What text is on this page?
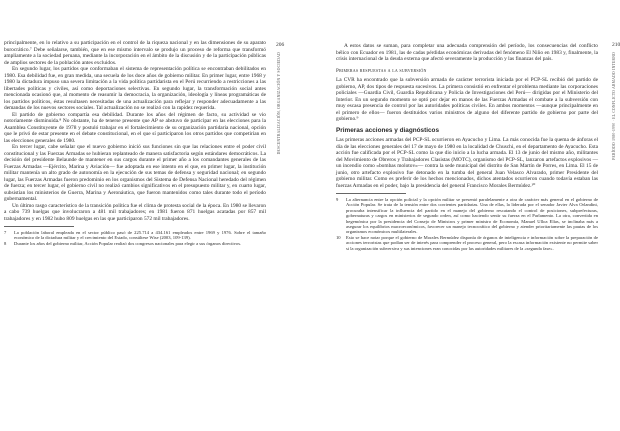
principalmente, en lo relativo a su participación en el control de la riqueza nacional y en las dimensiones de su aparato burocrático.⁷ Debe señalarse, también, que en ese mismo intervalo se produjo un proceso de reforma que transformó ampliamente a la sociedad peruana, mediante la incorporación en el ámbito de la discusión y de la participación públicas de amplios sectores de la población antes excluidos.

En segundo lugar, los partidos que conformaban el sistema de representación política se encontraban debilitados en 1980. Esa debilidad fue, en gran medida, una secuela de los doce años de gobierno militar. En primer lugar, entre 1968 y 1980 la dictadura impuso una severa limitación a la vida política partidarista en el Perú recurriendo a restricciones a las libertades políticas y civiles, así como deportaciones selectivas. En segundo lugar, la transformación social antes mencionada ocasionó que, al momento de reasumir la democracia, la organización, ideología y líneas programáticas de los partidos políticos, éstas resultasen necesitadas de una actualización para reflejar y responder adecuadamente a las demandas de los nuevos sectores sociales. Tal actualización no se realizó con la rapidez requerida.

El partido de gobierno compartía esa debilidad. Durante los años del régimen de facto, su actividad se vio notoriamente disminuida.⁸ No obstante, ha de tenerse presente que AP se abstuvo de participar en las elecciones para la Asamblea Constituyente de 1978 y postuló trabajar en el fortalecimiento de su organización partidaria nacional, opción que le privó de estar presente en el debate constitucional, en el que sí participaron los otros partidos que competirían en las elecciones generales de 1980.

En tercer lugar, cabe señalar que el nuevo gobierno inició sus funciones sin que las relaciones entre el poder civil constitucional y las Fuerzas Armadas se hubieran replanteado de manera satisfactoria según estándares democráticos. La decisión del presidente Belaunde de mantener en sus cargos durante el primer año a los comandantes generales de las Fuerzas Armadas —Ejército, Marina y Aviación— fue adoptada en ese intento en el que, en primer lugar, la institución militar mantenía un alto grado de autonomía en la ejecución de sus temas de defensa y seguridad nacional; en segundo lugar, las Fuerzas Armadas fueron predominio en los organismos del Sistema de Defensa Nacional heredado del régimen de fuerza; en tercer lugar, el gobierno civil no realizó cambios significativos en el presupuesto militar y, en cuarto lugar, subsistían los ministerios de Guerra, Marina y Aeronáutica, que fueron mantenidos como tales durante todo el período gubernamental.

Un último rasgo característico de la transición política fue el clima de protesta social de la época. En 1980 se llevaron a cabo 739 huelgas que involucraron a 481 mil trabajadores; en 1981 fueron 871 huelgas acatadas por 857 mil trabajadores y en 1982 hubo 809 huelgas en las que participaron 572 mil trabajadores.

7	La población laboral empleada en el sector público pasó de 225.714 a 434.161 empleados entre 1969 y 1976. Sobre el tamaño económico de la dictadura militar y el crecimiento del Estado, consúltese Wise (2003, 109-139).
8	Durante los años del gobierno militar, Acción Popular realizó dos congresos nacionales para elegir a sus órganos directivos.
206
DESCENTRALIZACIÓN, ORGANIZACIÓN Y SOCIEDAD
210
PERÍODO 1980-1990 · EL CONFLICTO ARMADO INTERNO

A estos datos se suman, para completar una adecuada comprensión del período, los consecuencias del conflicto bélico con Ecuador en 1981, las de cadas pérdidas económicas derivadas del fenómeno El Niño en 1983 y, finalmente, la crisis internacional de la deuda externa que afectó severamente la producción y las finanzas del país.

Primeras respuestas a la subversión

La CVR ha encontrado que la subversión armada de carácter terrorista iniciada por el PCP-SL recibió del partido de gobierno, AP, dos tipos de respuesta sucesivos. La primera consistió en enfrentar el problema mediante las corporaciones policiales —Guardia Civil, Guardia Republicana y Policía de Investigaciones del Perú— dirigidas por el Ministerio del Interior. En un segundo momento se optó por dejar en manos de las Fuerzas Armadas el combate a la subversión con muy escasa presencia de control por las autoridades políticas civiles. En ambos momentos —aunque principalmente en el primero de ellos— fueron destituidos varios ministros de alguno del diferente partido de gobierno por parte del gobierno.⁹

Primeras acciones y diagnósticos

Las primeras acciones armadas del PCP-SL ocurrieron en Ayacucho y Lima. La más conocida fue la quema de ánforas el día de las elecciones generales del 17 de mayo de 1980 en la localidad de Chuschi, en el departamento de Ayacucho. Esta acción fue calificada por el PCP-SL como la que dio inicio a la lucha armada. El 13 de junio del mismo año, militantes del Movimiento de Obreros y Trabajadores Clasistas (MOTC), organismo del PCP-SL, lanzaron artefactos explosivos —un incendio como «bombas molotov»— contra la sede municipal del distrito de San Martín de Porres, en Lima. El 15 de junio, otro artefacto explosivo fue detonado en la tumba del general Juan Velasco Alvarado, primer Presidente del gobierno militar. Como es preferir de los hechos mencionados, dichos atentados ocurrieron cuando todavía estaban las fuerzas Armadas en el poder, bajo la presidencia del general Francisco Morales Bermúdez.¹⁰

9	La alternancia entre la opción policial y la opción militar se presentó paralelamente a otra de carácter más general en el gobierno de Acción Popular. Se trata de la tensión entre dos corrientes partidarias. Una de ellas, la liderada por el senador Javier Alva Orlandini, procuraba intensificar la influencia del partido en el manejo del gobierno rescatando el control de posiciones, subprefecturas, gobernaturas y cargos en ministerios de segundo orden, así como haciendo sentir su fuerza en el Parlamento. La otra, convertida en hegemónica por la presidencia del Consejo de Ministros y primer ministro de Economía, Manuel Ulloa Elías, se inclinaba más a asegurar los equilibrios macroeconómicos, favorecer un manejo tecnocrático del gobierno y atender prioritariamente las pautas de los organismos económicos multilaterales.
10	Esto se hace notar porque el gobierno de Morales Bermúdez disponía de órganos de inteligencia e información sobre la preparación de acciones terroristas que podían ser de interés para comprender el proceso general, pero la escasa información existente no permite saber si la organización subversiva y sus intenciones eran conocidas por las autoridades militares de la «segunda fase».
